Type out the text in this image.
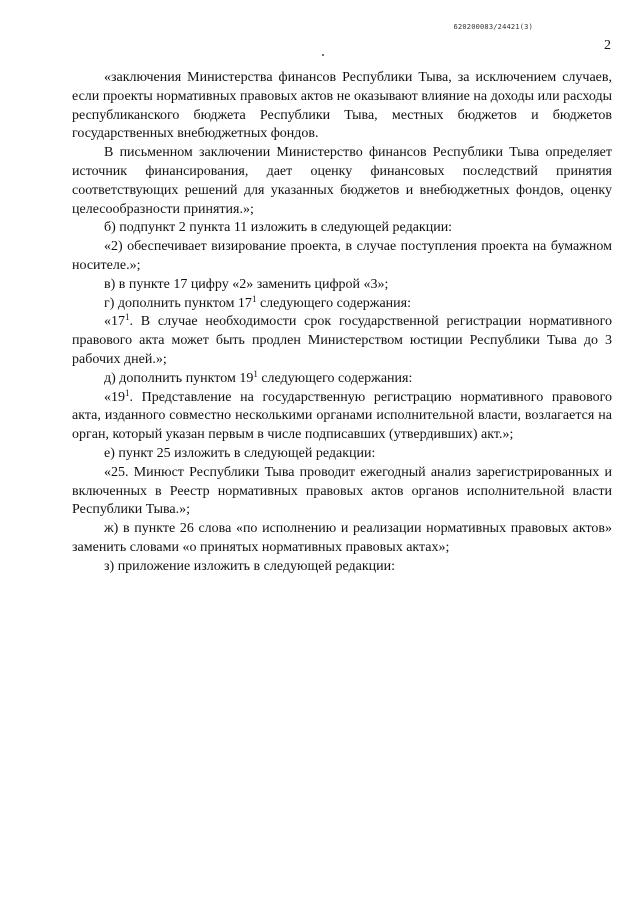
620200083/24421(3)
2

«заключения Министерства финансов Республики Тыва, за исключением случаев, если проекты нормативных правовых актов не оказывают влияние на доходы или расходы республиканского бюджета Республики Тыва, местных бюджетов и бюджетов государственных внебюджетных фондов.

В письменном заключении Министерство финансов Республики Тыва определяет источник финансирования, дает оценку финансовых последствий принятия соответствующих решений для указанных бюджетов и внебюджетных фондов, оценку целесообразности принятия.»;

б) подпункт 2 пункта 11 изложить в следующей редакции:

«2) обеспечивает визирование проекта, в случае поступления проекта на бумажном носителе.»;

в) в пункте 17 цифру «2» заменить цифрой «3»;

г) дополнить пунктом $17^1$ следующего содержания:

«$17^1$. В случае необходимости срок государственной регистрации нормативного правового акта может быть продлен Министерством юстиции Республики Тыва до 3 рабочих дней.»;

д) дополнить пунктом $19^1$ следующего содержания:

«$19^1$. Представление на государственную регистрацию нормативного правового акта, изданного совместно несколькими органами исполнительной власти, возлагается на орган, который указан первым в числе подписавших (утвердивших) акт.»;

е) пункт 25 изложить в следующей редакции:

«25. Минюст Республики Тыва проводит ежегодный анализ зарегистрированных и включенных в Реестр нормативных правовых актов органов исполнительной власти Республики Тыва.»;

ж) в пункте 26 слова «по исполнению и реализации нормативных правовых актов» заменить словами «о принятых нормативных правовых актах»;

з) приложение изложить в следующей редакции:
